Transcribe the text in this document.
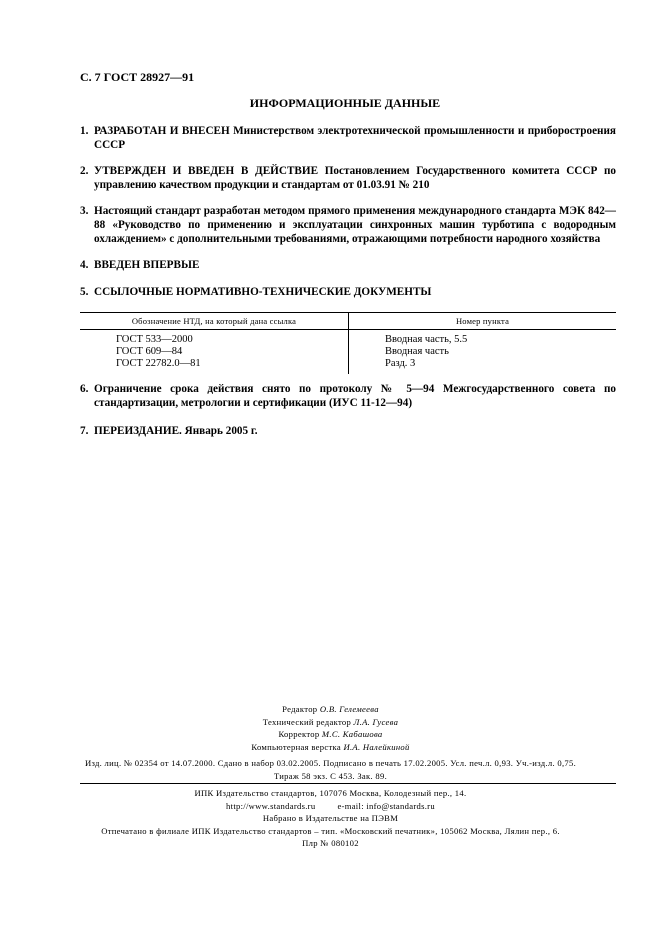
С. 7 ГОСТ 28927—91
ИНФОРМАЦИОННЫЕ ДАННЫЕ
1. РАЗРАБОТАН И ВНЕСЕН Министерством электротехнической промышленности и приборостроения СССР
2. УТВЕРЖДЕН И ВВЕДЕН В ДЕЙСТВИЕ Постановлением Государственного комитета СССР по управлению качеством продукции и стандартам от 01.03.91 № 210
3. Настоящий стандарт разработан методом прямого применения международного стандарта МЭК 842—88 «Руководство по применению и эксплуатации синхронных машин турботипа с водородным охлаждением» с дополнительными требованиями, отражающими потребности народного хозяйства
4. ВВЕДЕН ВПЕРВЫЕ
5. ССЫЛОЧНЫЕ НОРМАТИВНО-ТЕХНИЧЕСКИЕ ДОКУМЕНТЫ
Обозначение НТД, на который дана ссылка	Номер пункта
ГОСТ 533—2000	Вводная часть, 5.5
ГОСТ 609—84	Вводная часть
ГОСТ 22782.0—81	Разд. 3
6. Ограничение срока действия снято по протоколу № 5—94 Межгосударственного совета по стандартизации, метрологии и сертификации (ИУС 11-12—94)
7. ПЕРЕИЗДАНИЕ. Январь 2005 г.
Редактор О.В. Гелемеева
Технический редактор Л.А. Гусева
Корректор М.С. Кабашова
Компьютерная верстка И.А. Налейкиной
Изд. лиц. № 02354 от 14.07.2000. Сдано в набор 03.02.2005. Подписано в печать 17.02.2005. Усл. печ.л. 0,93. Уч.-изд.л. 0,75.
Тираж 58 экз. С 453. Зак. 89.
ИПК Издательство стандартов, 107076 Москва, Колодезный пер., 14.
http://www.standards.ru	e-mail: info@standards.ru
Набрано в Издательстве на ПЭВМ
Отпечатано в филиале ИПК Издательство стандартов – тип. «Московский печатник», 105062 Москва, Лялин пер., 6.
Плр № 080102
